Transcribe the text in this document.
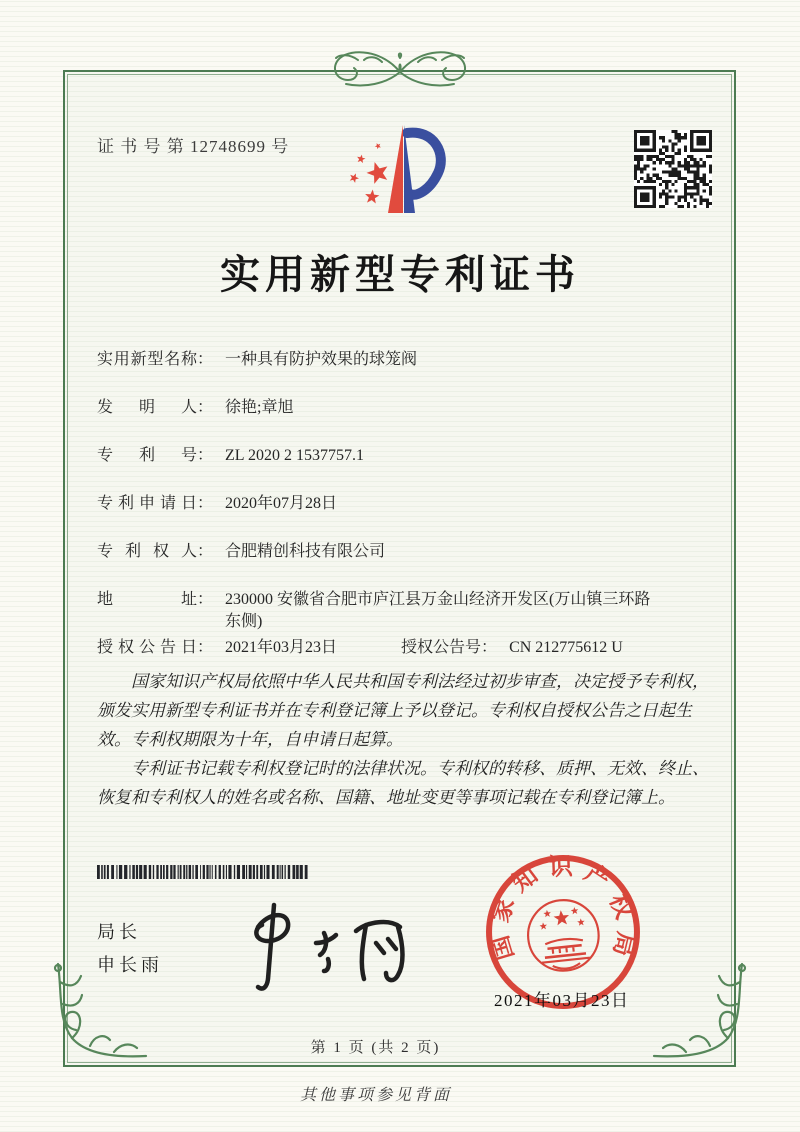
证 书 号 第 12748699 号
实用新型专利证书
实用新型名称 ： 一种具有防护效果的球笼阀
发明人 ： 徐艳;章旭
专利号 ： ZL 2020 2 1537757.1
专利申请日 ： 2020年07月28日
专利权人 ： 合肥精创科技有限公司
地址 ： 230000 安徽省合肥市庐江县万金山经济开发区(万山镇三环路东侧)
授权公告日 ： 2021年03月23日	授权公告号 ： CN 212775612 U

国家知识产权局依照中华人民共和国专利法经过初步审查，决定授予专利权，颁发实用新型专利证书并在专利登记簿上予以登记。专利权自授权公告之日起生效。专利权期限为十年，自申请日起算。

专利证书记载专利权登记时的法律状况。专利权的转移、质押、无效、终止、恢复和专利权人的姓名或名称、国籍、地址变更等事项记载在专利登记簿上。

局长
申长雨
国家知识产权局
2021年03月23日
第 1 页 (共 2 页)
其他事项参见背面
